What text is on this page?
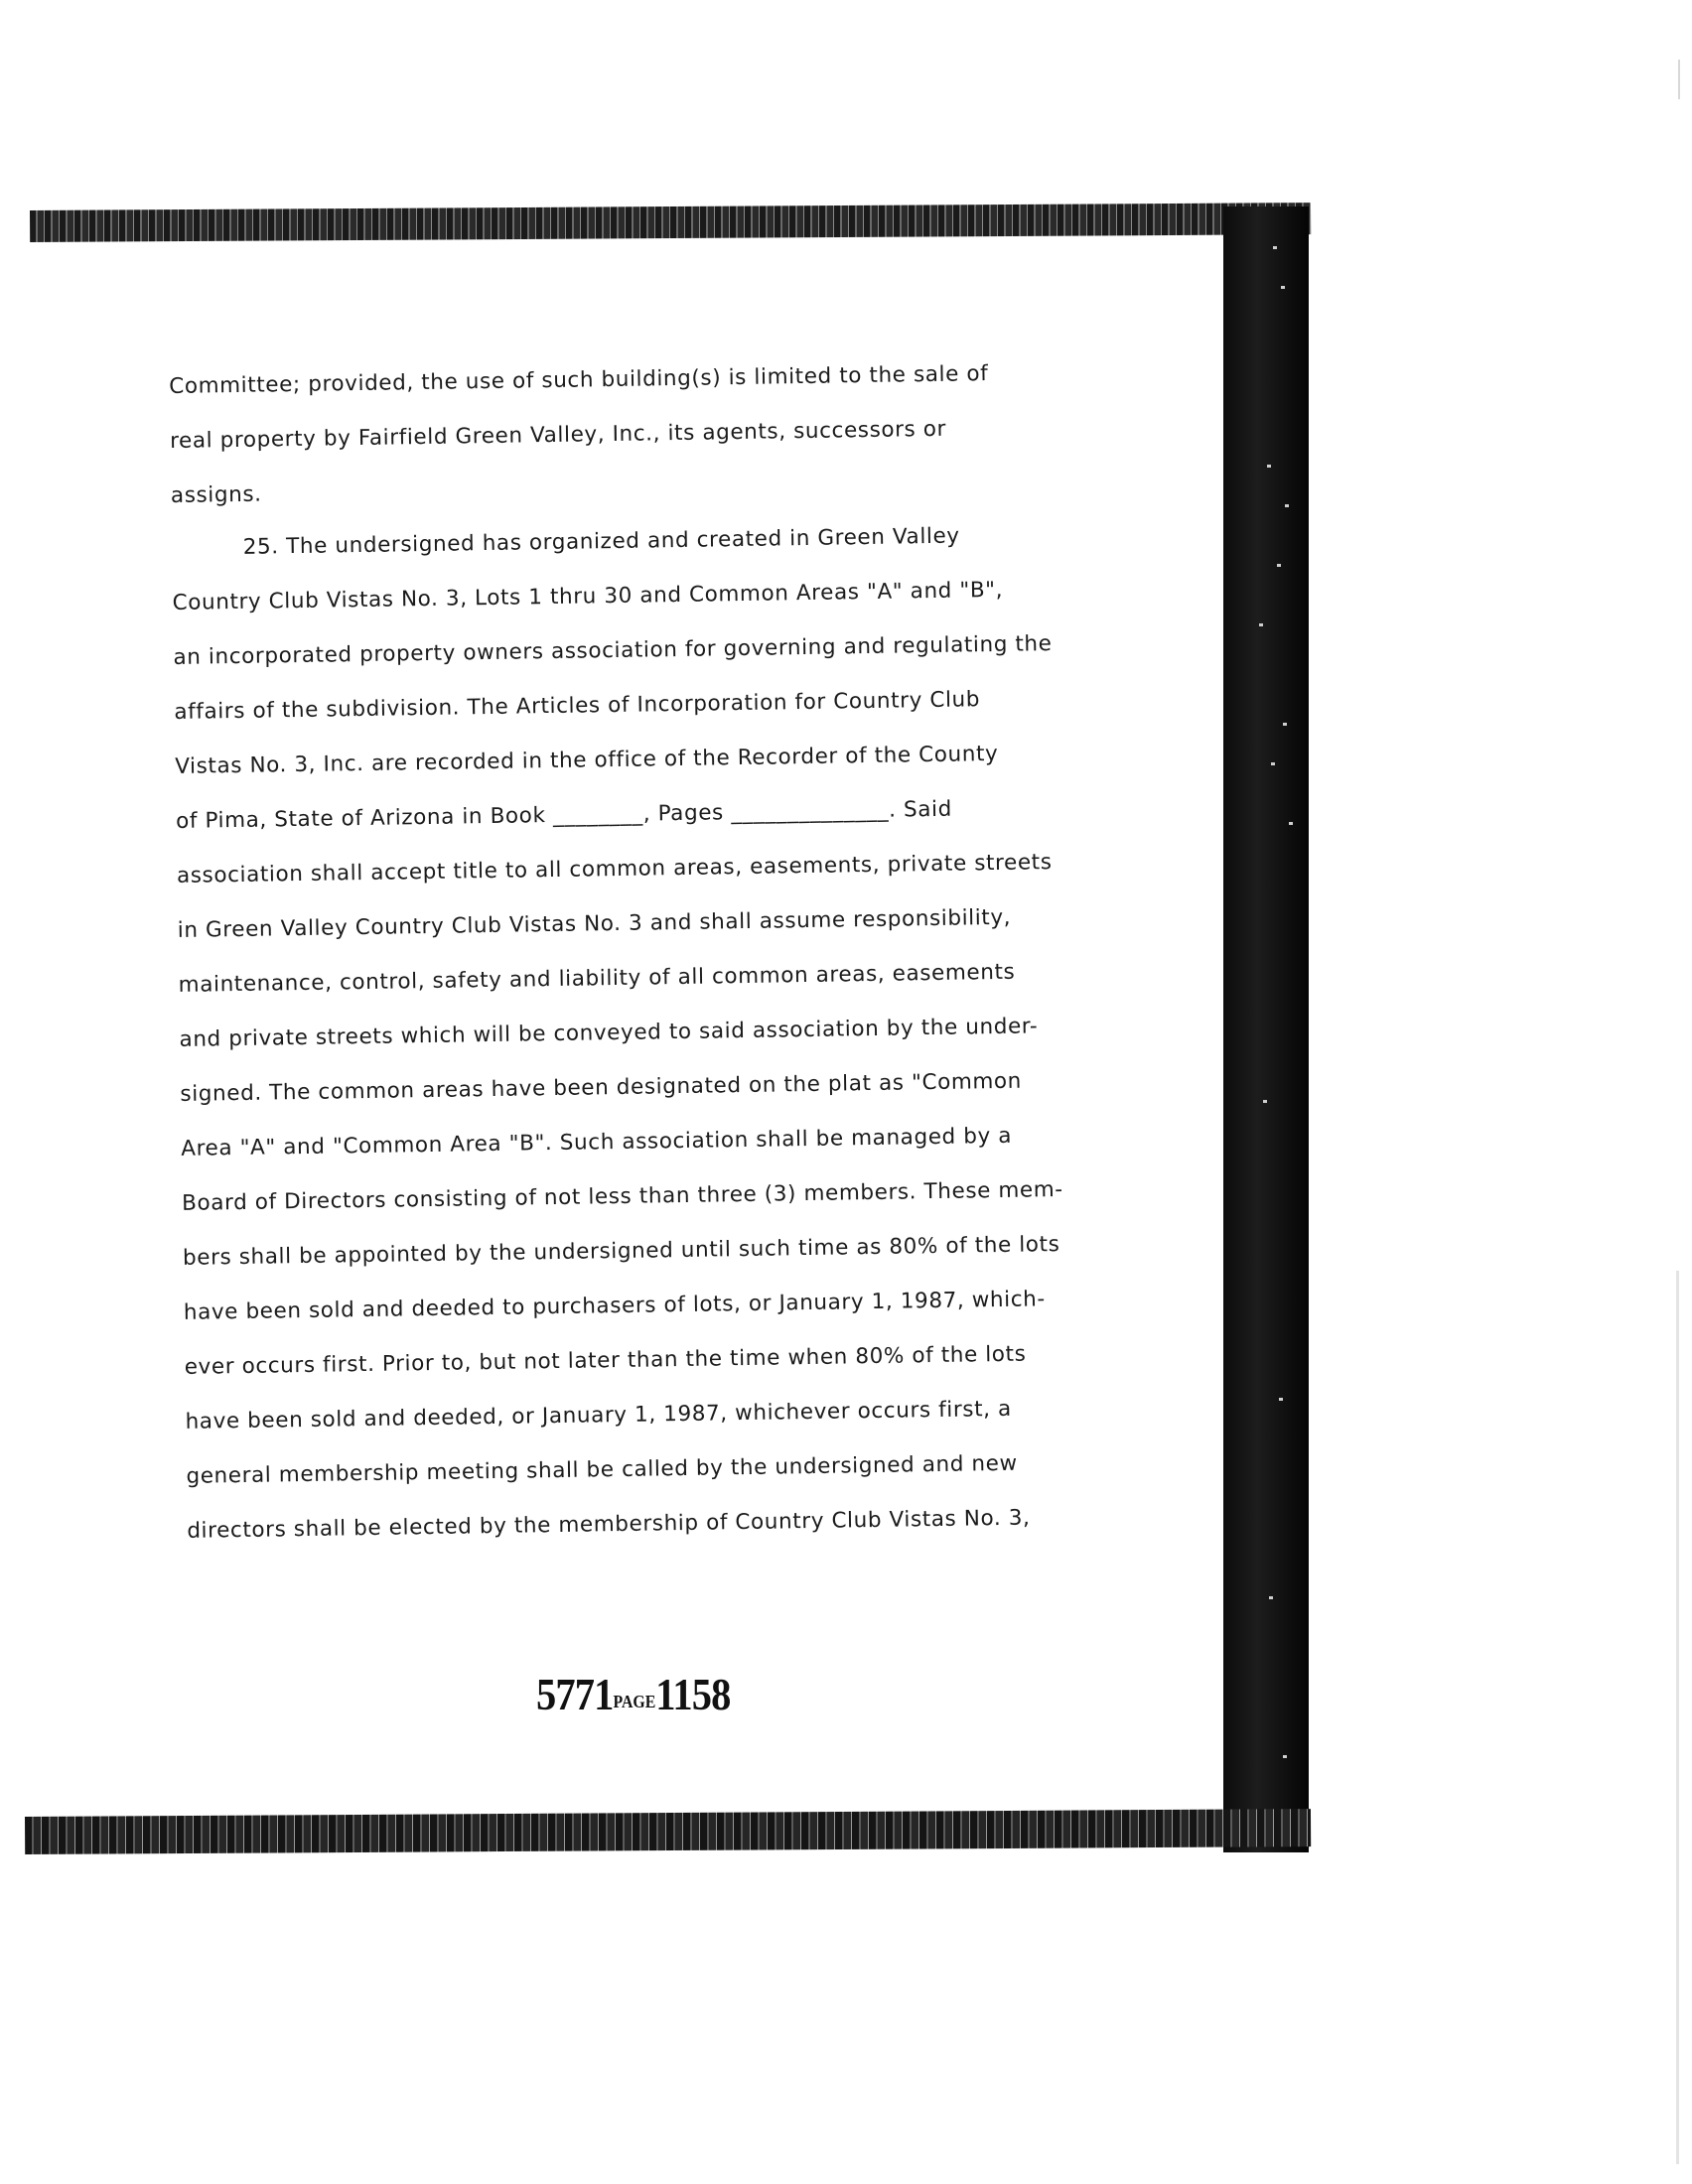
Committee; provided, the use of such building(s) is limited to the sale of
real property by Fairfield Green Valley, Inc., its agents, successors or
assigns.
25. The undersigned has organized and created in Green Valley
Country Club Vistas No. 3, Lots 1 thru 30 and Common Areas "A" and "B",
an incorporated property owners association for governing and regulating the
affairs of the subdivision. The Articles of Incorporation for Country Club
Vistas No. 3, Inc. are recorded in the office of the Recorder of the County
of Pima, State of Arizona in Book ________, Pages ______________. Said
association shall accept title to all common areas, easements, private streets
in Green Valley Country Club Vistas No. 3 and shall assume responsibility,
maintenance, control, safety and liability of all common areas, easements
and private streets which will be conveyed to said association by the under-
signed. The common areas have been designated on the plat as "Common
Area "A" and "Common Area "B". Such association shall be managed by a
Board of Directors consisting of not less than three (3) members. These mem-
bers shall be appointed by the undersigned until such time as 80% of the lots
have been sold and deeded to purchasers of lots, or January 1, 1987, which-
ever occurs first. Prior to, but not later than the time when 80% of the lots
have been sold and deeded, or January 1, 1987, whichever occurs first, a
general membership meeting shall be called by the undersigned and new
directors shall be elected by the membership of Country Club Vistas No. 3,
5771PAGE1158
